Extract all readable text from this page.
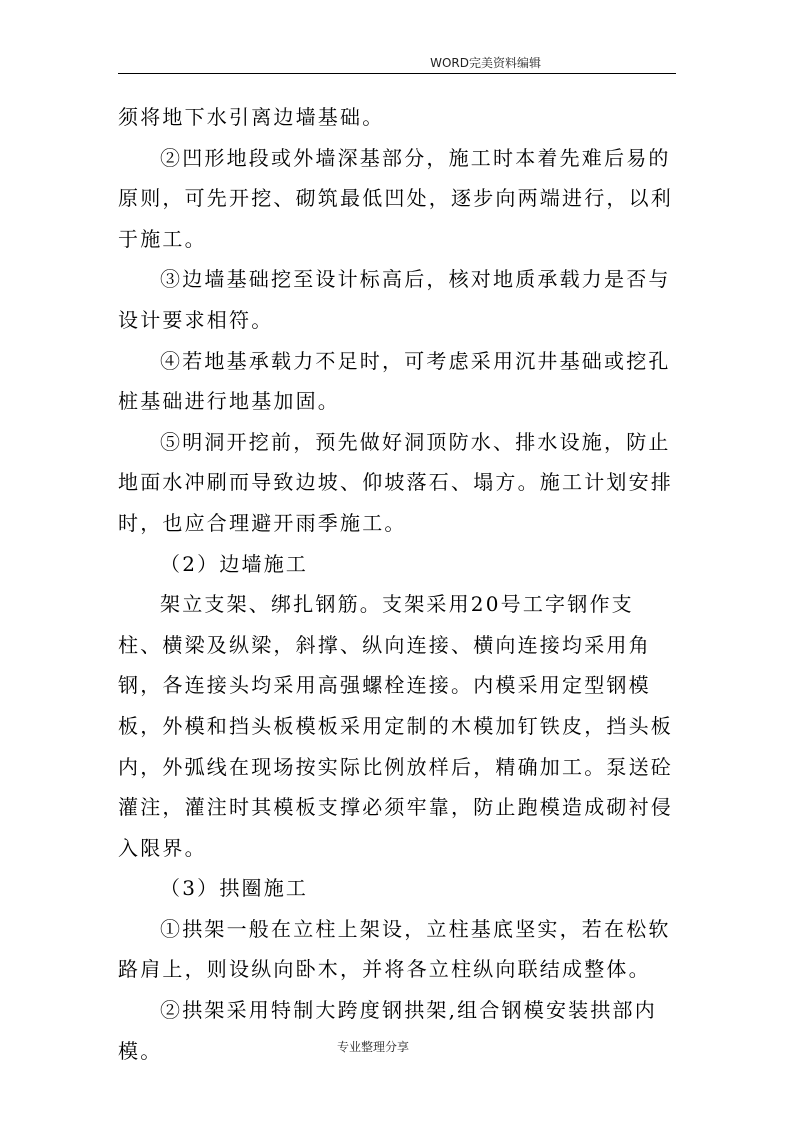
WORD完美资料编辑

须将地下水引离边墙基础。

②凹形地段或外墙深基部分，施工时本着先难后易的原则，可先开挖、砌筑最低凹处，逐步向两端进行，以利于施工。

③边墙基础挖至设计标高后，核对地质承载力是否与设计要求相符。

④若地基承载力不足时，可考虑采用沉井基础或挖孔桩基础进行地基加固。

⑤明洞开挖前，预先做好洞顶防水、排水设施，防止地面水冲刷而导致边坡、仰坡落石、塌方。施工计划安排时，也应合理避开雨季施工。

（2）边墙施工

架立支架、绑扎钢筋。支架采用20号工字钢作支柱、横梁及纵梁，斜撑、纵向连接、横向连接均采用角钢，各连接头均采用高强螺栓连接。内模采用定型钢模板，外模和挡头板模板采用定制的木模加钉铁皮，挡头板内，外弧线在现场按实际比例放样后，精确加工。泵送砼灌注，灌注时其模板支撑必须牢靠，防止跑模造成砌衬侵入限界。

（3）拱圈施工

①拱架一般在立柱上架设，立柱基底坚实，若在松软路肩上，则设纵向卧木，并将各立柱纵向联结成整体。

②拱架采用特制大跨度钢拱架,组合钢模安装拱部内模。	专业整理分享
